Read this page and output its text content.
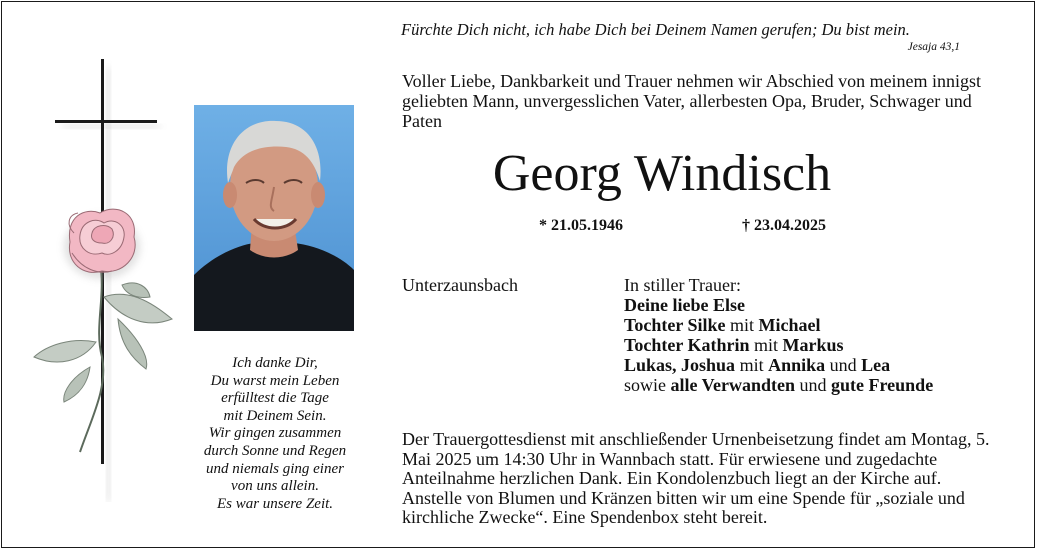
Ich danke Dir,
Du warst mein Leben
erfülltest die Tage
mit Deinem Sein.
Wir gingen zusammen
durch Sonne und Regen
und niemals ging einer
von uns allein.
Es war unsere Zeit.
Fürchte Dich nicht, ich habe Dich bei Deinem Namen gerufen; Du bist mein.
Jesaja 43,1
Voller Liebe, Dankbarkeit und Trauer nehmen wir Abschied von meinem innigst geliebten Mann, unvergesslichen Vater, allerbesten Opa, Bruder, Schwager und Paten
Georg Windisch
* 21.05.1946	† 23.04.2025
Unterzaunsbach	In stiller Trauer:
Deine liebe Else
Tochter Silke mit Michael
Tochter Kathrin mit Markus
Lukas, Joshua mit Annika und Lea
sowie alle Verwandten und gute Freunde
Der Trauergottesdienst mit anschließender Urnenbeisetzung findet am Montag, 5. Mai 2025 um 14:30 Uhr in Wannbach statt. Für erwiesene und zugedachte Anteilnahme herzlichen Dank. Ein Kondolenzbuch liegt an der Kirche auf. Anstelle von Blumen und Kränzen bitten wir um eine Spende für „soziale und kirchliche Zwecke“. Eine Spendenbox steht bereit.
